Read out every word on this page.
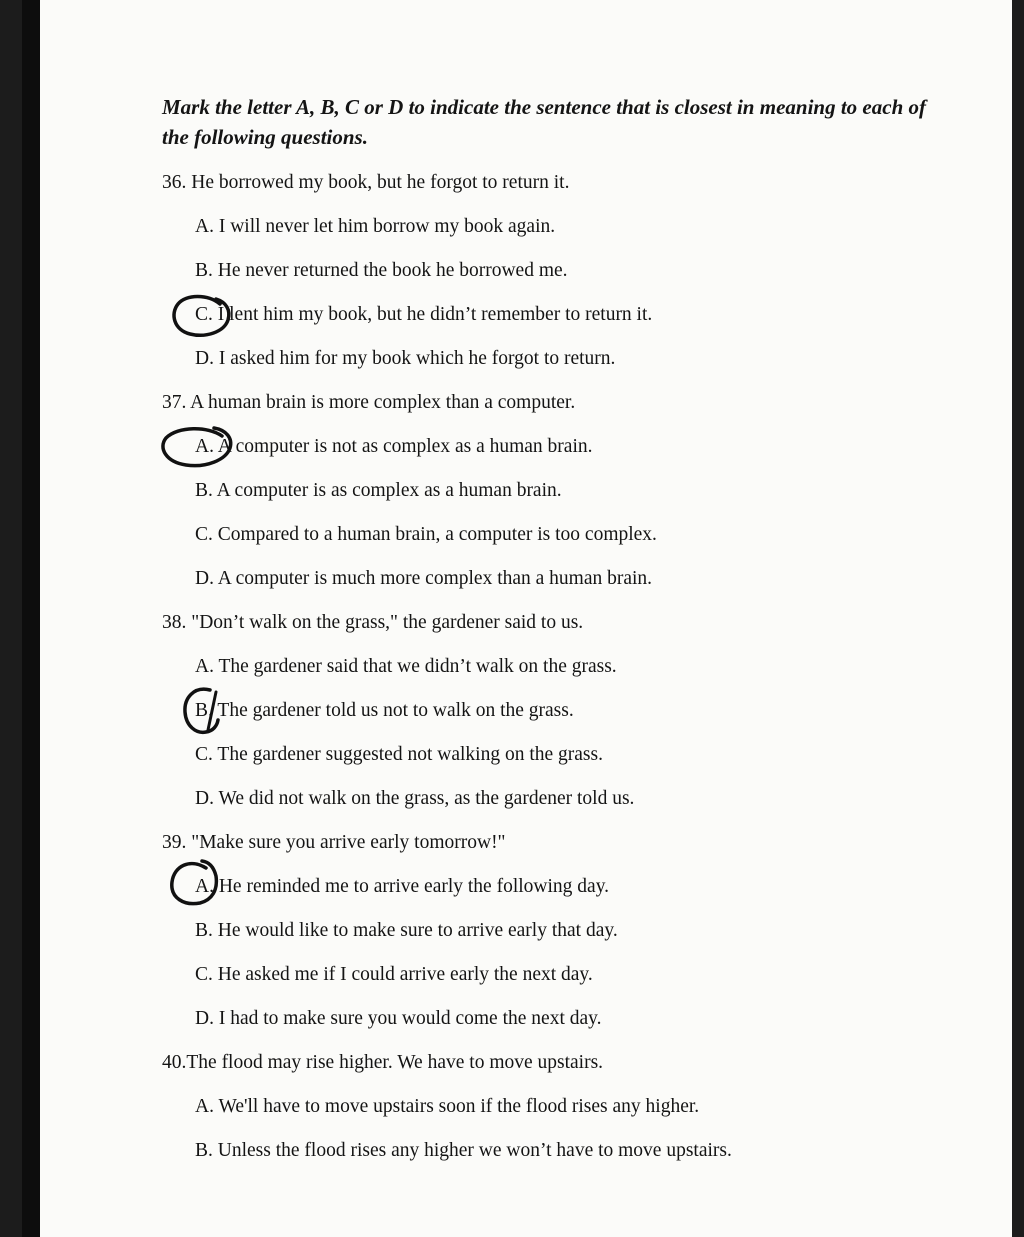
Mark the letter A, B, C or D to indicate the sentence that is closest in meaning to each of the following questions.
36. He borrowed my book, but he forgot to return it.
A. I will never let him borrow my book again.
B. He never returned the book he borrowed me.
C. I lent him my book, but he didn’t remember to return it.
D. I asked him for my book which he forgot to return.
37. A human brain is more complex than a computer.
A. A computer is not as complex as a human brain.
B. A computer is as complex as a human brain.
C. Compared to a human brain, a computer is too complex.
D. A computer is much more complex than a human brain.
38. "Don’t walk on the grass," the gardener said to us.
A. The gardener said that we didn’t walk on the grass.
B. The gardener told us not to walk on the grass.
C. The gardener suggested not walking on the grass.
D. We did not walk on the grass, as the gardener told us.
39. "Make sure you arrive early tomorrow!"
A. He reminded me to arrive early the following day.
B. He would like to make sure to arrive early that day.
C. He asked me if I could arrive early the next day.
D. I had to make sure you would come the next day.
40.The flood may rise higher. We have to move upstairs.
A. We'll have to move upstairs soon if the flood rises any higher.
B. Unless the flood rises any higher we won’t have to move upstairs.
